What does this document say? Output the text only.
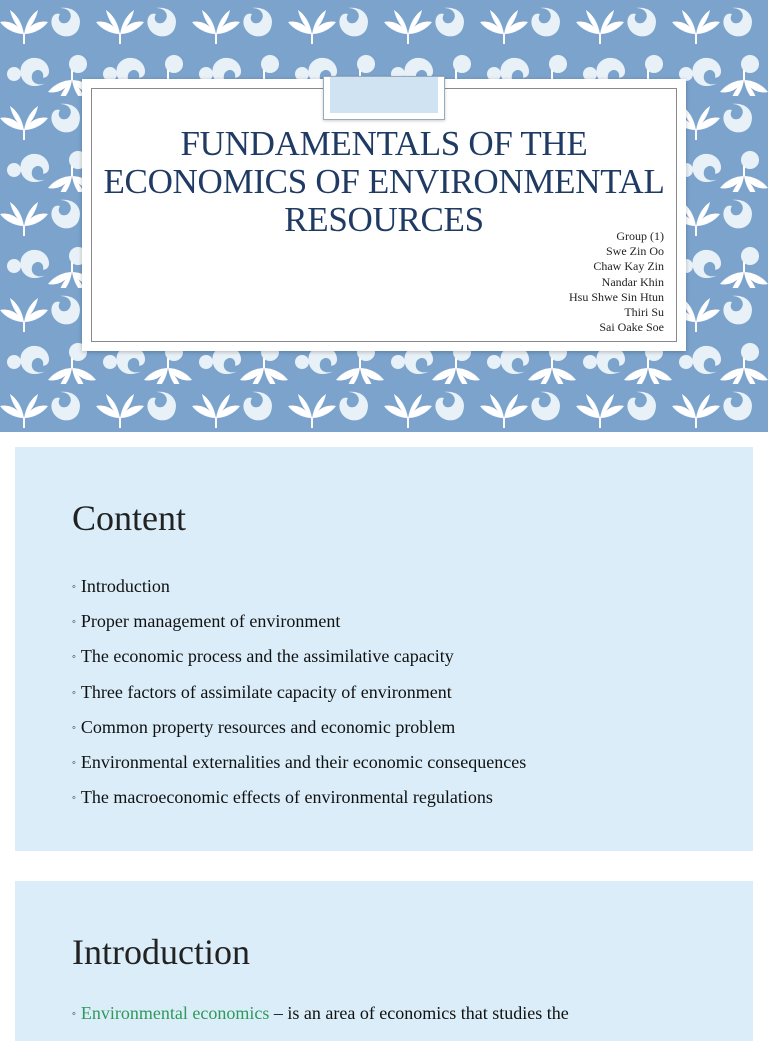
FUNDAMENTALS OF THE
ECONOMICS OF ENVIRONMENTAL
RESOURCES	Group (1)
Swe Zin Oo
Chaw Kay Zin
Nandar Khin
Hsu Shwe Sin Htun
Thiri Su
Sai Oake Soe
Content
◦ Introduction
◦ Proper management of environment
◦ The economic process and the assimilative capacity
◦ Three factors of assimilate capacity of environment
◦ Common property resources and economic problem
◦ Environmental externalities and their economic consequences
◦ The macroeconomic effects of environmental regulations
Introduction
◦ Environmental economics – is an area of economics that studies the
